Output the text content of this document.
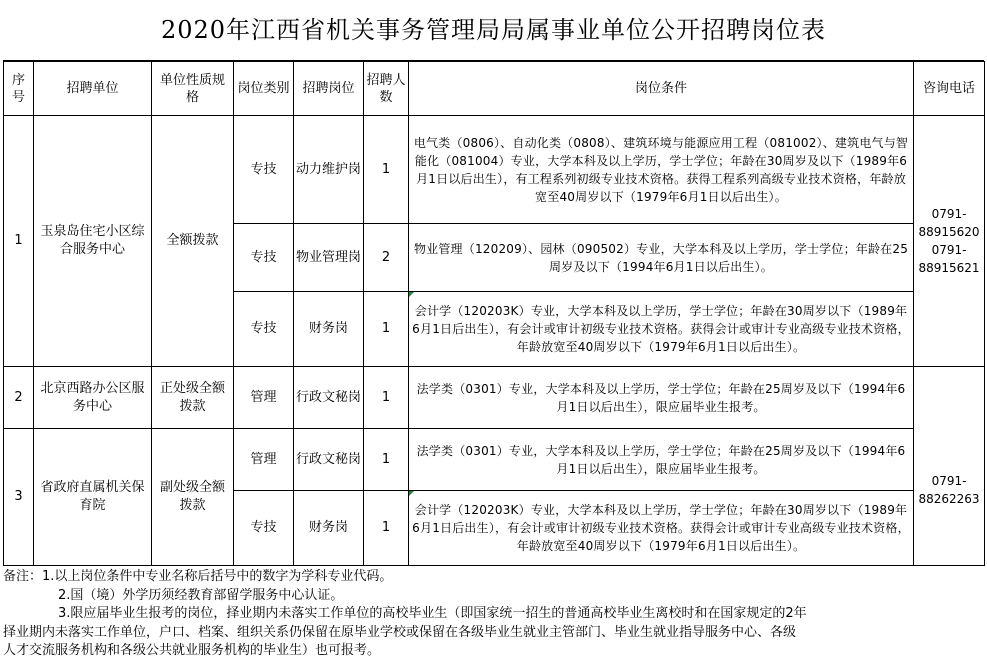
2020年江西省机关事务管理局局属事业单位公开招聘岗位表
序号	招聘单位	单位性质规格	岗位类别	招聘岗位	招聘人数	岗位条件	咨询电话
1	玉泉岛住宅小区综合服务中心	全额拨款	专技	动力维护岗	1	电气类（0806）、自动化类（0808）、建筑环境与能源应用工程（081002）、建筑电气与智能化（081004）专业，大学本科及以上学历，学士学位；年龄在30周岁及以下（1989年6月1日以后出生），有工程系列初级专业技术资格。获得工程系列高级专业技术资格，年龄放宽至40周岁以下（1979年6月1日以后出生）。	0791-88915620
0791-88915621

			专技	物业管理岗	2	物业管理（120209）、园林（090502）专业，大学本科及以上学历，学士学位；年龄在25周岁及以下（1994年6月1日以后出生）。	
			专技	财务岗	1	会计学（120203K）专业，大学本科及以上学历，学士学位；年龄在30周岁以下（1989年6月1日后出生），有会计或审计初级专业技术资格。获得会计或审计专业高级专业技术资格，年龄放宽至40周岁以下（1979年6月1日以后出生）。	
2	北京西路办公区服务中心	正处级全额拨款	管理	行政文秘岗	1	法学类（0301）专业，大学本科及以上学历，学士学位；年龄在25周岁及以下（1994年6月1日以后出生），限应届毕业生报考。	0791-88262263

3	省政府直属机关保育院	副处级全额拨款	管理	行政文秘岗	1	法学类（0301）专业，大学本科及以上学历，学士学位；年龄在25周岁及以下（1994年6月1日以后出生），限应届毕业生报考。	
			专技	财务岗	1	会计学（120203K）专业，大学本科及以上学历，学士学位；年龄在30周岁以下（1989年6月1日后出生），有会计或审计初级专业技术资格。获得会计或审计专业高级专业技术资格，年龄放宽至40周岁以下（1979年6月1日以后出生）。	
备注：1.以上岗位条件中专业名称后括号中的数字为学科专业代码。
2.国（境）外学历须经教育部留学服务中心认证。
3.限应届毕业生报考的岗位，择业期内未落实工作单位的高校毕业生（即国家统一招生的普通高校毕业生离校时和在国家规定的2年
择业期内未落实工作单位，户口、档案、组织关系仍保留在原毕业学校或保留在各级毕业生就业主管部门、毕业生就业指导服务中心、各级
人才交流服务机构和各级公共就业服务机构的毕业生）也可报考。
